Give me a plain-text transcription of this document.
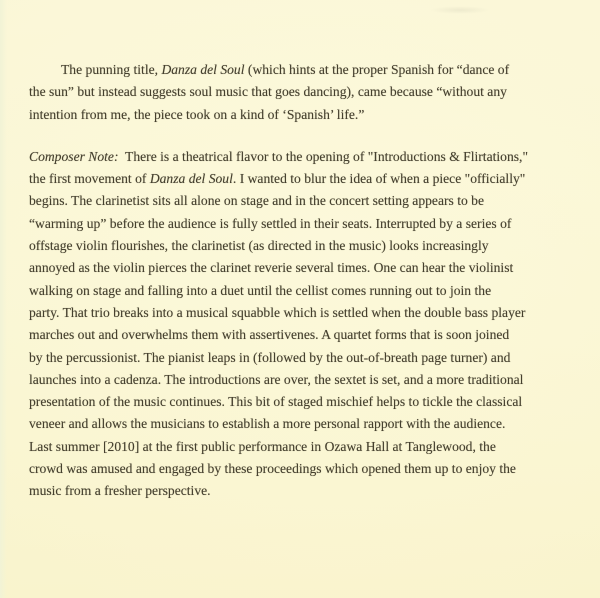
The punning title, Danza del Soul (which hints at the proper Spanish for “dance of
the sun” but instead suggests soul music that goes dancing), came because “without any
intention from me, the piece took on a kind of ‘Spanish’ life.”

Composer Note:  There is a theatrical flavor to the opening of "Introductions & Flirtations,"
the first movement of Danza del Soul. I wanted to blur the idea of when a piece "officially"
begins. The clarinetist sits all alone on stage and in the concert setting appears to be
“warming up” before the audience is fully settled in their seats. Interrupted by a series of
offstage violin flourishes, the clarinetist (as directed in the music) looks increasingly
annoyed as the violin pierces the clarinet reverie several times. One can hear the violinist
walking on stage and falling into a duet until the cellist comes running out to join the
party. That trio breaks into a musical squabble which is settled when the double bass player
marches out and overwhelms them with assertivenes. A quartet forms that is soon joined
by the percussionist. The pianist leaps in (followed by the out-of-breath page turner) and
launches into a cadenza. The introductions are over, the sextet is set, and a more traditional
presentation of the music continues. This bit of staged mischief helps to tickle the classical
veneer and allows the musicians to establish a more personal rapport with the audience.
Last summer [2010] at the first public performance in Ozawa Hall at Tanglewood, the
crowd was amused and engaged by these proceedings which opened them up to enjoy the
music from a fresher perspective.
